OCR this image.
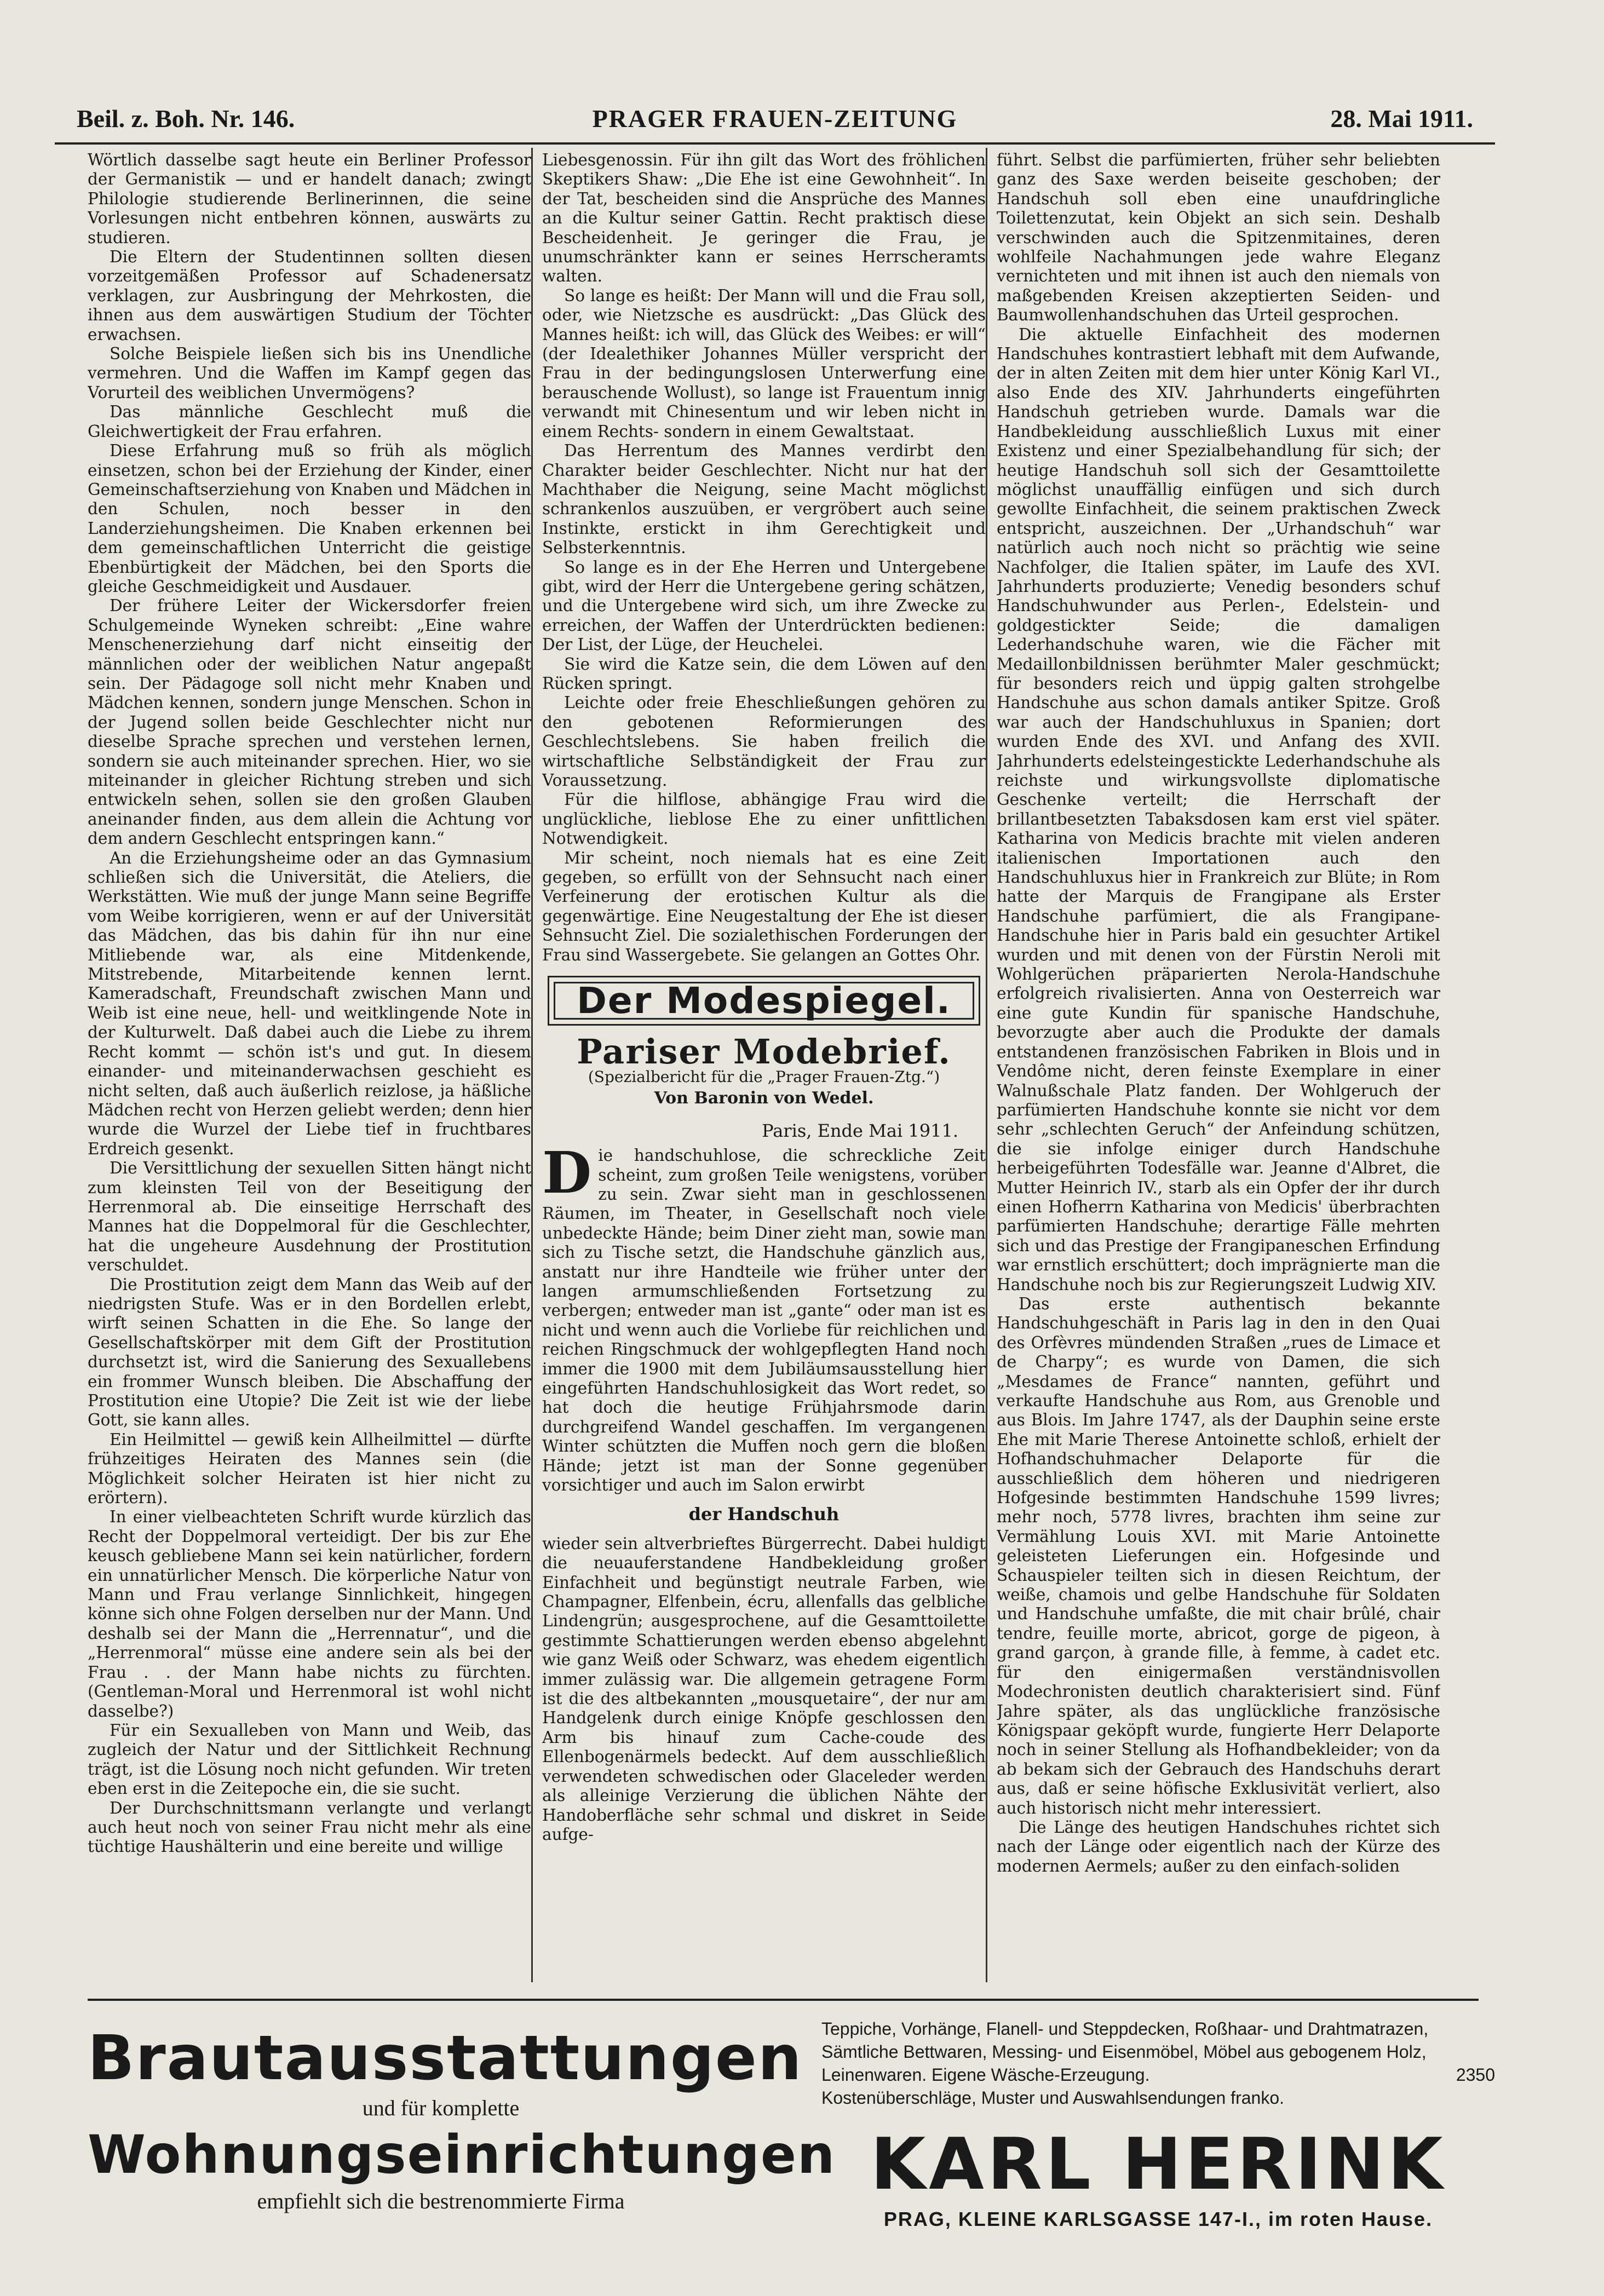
Beil. z. Boh. Nr. 146.	PRAGER FRAUEN-ZEITUNG	28. Mai 1911.

Wörtlich dasselbe sagt heute ein Berliner Professor der Germanistik — und er handelt danach; zwingt Philologie studierende Berlinerinnen, die seine Vorlesungen nicht entbehren können, auswärts zu studieren.

Die Eltern der Studentinnen sollten diesen vorzeitgemäßen Professor auf Schadenersatz verklagen, zur Ausbringung der Mehrkosten, die ihnen aus dem auswärtigen Studium der Töchter erwachsen.

Solche Beispiele ließen sich bis ins Unendliche vermehren. Und die Waffen im Kampf gegen das Vorurteil des weiblichen Unvermögens?

Das männliche Geschlecht muß die Gleichwertigkeit der Frau erfahren.

Diese Erfahrung muß so früh als möglich einsetzen, schon bei der Erziehung der Kinder, einer Gemeinschaftserziehung von Knaben und Mädchen in den Schulen, noch besser in den Landerziehungsheimen. Die Knaben erkennen bei dem gemeinschaftlichen Unterricht die geistige Ebenbürtigkeit der Mädchen, bei den Sports die gleiche Geschmeidigkeit und Ausdauer.

Der frühere Leiter der Wickersdorfer freien Schulgemeinde Wyneken schreibt: „Eine wahre Menschenerziehung darf nicht einseitig der männlichen oder der weiblichen Natur angepaßt sein. Der Pädagoge soll nicht mehr Knaben und Mädchen kennen, sondern junge Menschen. Schon in der Jugend sollen beide Geschlechter nicht nur dieselbe Sprache sprechen und verstehen lernen, sondern sie auch miteinander sprechen. Hier, wo sie miteinander in gleicher Richtung streben und sich entwickeln sehen, sollen sie den großen Glauben aneinander finden, aus dem allein die Achtung vor dem andern Geschlecht entspringen kann.“

An die Erziehungsheime oder an das Gymnasium schließen sich die Universität, die Ateliers, die Werkstätten. Wie muß der junge Mann seine Begriffe vom Weibe korrigieren, wenn er auf der Universität das Mädchen, das bis dahin für ihn nur eine Mitliebende war, als eine Mitdenkende, Mitstrebende, Mitarbeitende kennen lernt. Kameradschaft, Freundschaft zwischen Mann und Weib ist eine neue, hell- und weitklingende Note in der Kulturwelt. Daß dabei auch die Liebe zu ihrem Recht kommt — schön ist's und gut. In diesem einander- und miteinanderwachsen geschieht es nicht selten, daß auch äußerlich reizlose, ja häßliche Mädchen recht von Herzen geliebt werden; denn hier wurde die Wurzel der Liebe tief in fruchtbares Erdreich gesenkt.

Die Versittlichung der sexuellen Sitten hängt nicht zum kleinsten Teil von der Beseitigung der Herrenmoral ab. Die einseitige Herrschaft des Mannes hat die Doppelmoral für die Geschlechter, hat die ungeheure Ausdehnung der Prostitution verschuldet.

Die Prostitution zeigt dem Mann das Weib auf der niedrigsten Stufe. Was er in den Bordellen erlebt, wirft seinen Schatten in die Ehe. So lange der Gesellschaftskörper mit dem Gift der Prostitution durchsetzt ist, wird die Sanierung des Sexuallebens ein frommer Wunsch bleiben. Die Abschaffung der Prostitution eine Utopie? Die Zeit ist wie der liebe Gott, sie kann alles.

Ein Heilmittel — gewiß kein Allheilmittel — dürfte frühzeitiges Heiraten des Mannes sein (die Möglichkeit solcher Heiraten ist hier nicht zu erörtern).

In einer vielbeachteten Schrift wurde kürzlich das Recht der Doppelmoral verteidigt. Der bis zur Ehe keusch gebliebene Mann sei kein natürlicher, fordern ein unnatürlicher Mensch. Die körperliche Natur von Mann und Frau verlange Sinnlichkeit, hingegen könne sich ohne Folgen derselben nur der Mann. Und deshalb sei der Mann die „Herrennatur“, und die „Herrenmoral“ müsse eine andere sein als bei der Frau . . der Mann habe nichts zu fürchten. (Gentleman-Moral und Herrenmoral ist wohl nicht dasselbe?)

Für ein Sexualleben von Mann und Weib, das zugleich der Natur und der Sittlichkeit Rechnung trägt, ist die Lösung noch nicht gefunden. Wir treten eben erst in die Zeitepoche ein, die sie sucht.

Der Durchschnittsmann verlangte und verlangt auch heut noch von seiner Frau nicht mehr als eine tüchtige Haushälterin und eine bereite und willige

Liebesgenossin. Für ihn gilt das Wort des fröhlichen Skeptikers Shaw: „Die Ehe ist eine Gewohnheit“. In der Tat, bescheiden sind die Ansprüche des Mannes an die Kultur seiner Gattin. Recht praktisch diese Bescheidenheit. Je geringer die Frau, je unumschränkter kann er seines Herrscheramts walten.

So lange es heißt: Der Mann will und die Frau soll, oder, wie Nietzsche es ausdrückt: „Das Glück des Mannes heißt: ich will, das Glück des Weibes: er will“ (der Idealethiker Johannes Müller verspricht der Frau in der bedingungslosen Unterwerfung eine berauschende Wollust), so lange ist Frauentum innig verwandt mit Chinesentum und wir leben nicht in einem Rechts- sondern in einem Gewaltstaat.

Das Herrentum des Mannes verdirbt den Charakter beider Geschlechter. Nicht nur hat der Machthaber die Neigung, seine Macht möglichst schrankenlos auszuüben, er vergröbert auch seine Instinkte, erstickt in ihm Gerechtigkeit und Selbsterkenntnis.

So lange es in der Ehe Herren und Untergebene gibt, wird der Herr die Untergebene gering schätzen, und die Untergebene wird sich, um ihre Zwecke zu erreichen, der Waffen der Unterdrückten bedienen: Der List, der Lüge, der Heuchelei.

Sie wird die Katze sein, die dem Löwen auf den Rücken springt.

Leichte oder freie Eheschließungen gehören zu den gebotenen Reformierungen des Geschlechtslebens. Sie haben freilich die wirtschaftliche Selbständigkeit der Frau zur Voraussetzung.

Für die hilflose, abhängige Frau wird die unglückliche, lieblose Ehe zu einer unfittlichen Notwendigkeit.

Mir scheint, noch niemals hat es eine Zeit gegeben, so erfüllt von der Sehnsucht nach einer Verfeinerung der erotischen Kultur als die gegenwärtige. Eine Neugestaltung der Ehe ist dieser Sehnsucht Ziel. Die sozialethischen Forderungen der Frau sind Wassergebete. Sie gelangen an Gottes Ohr.

Der Modespiegel.
Pariser Modebrief.
(Spezialbericht für die „Prager Frauen-Ztg.“)
Von Baronin von Wedel.
Paris, Ende Mai 1911.

Die handschuhlose, die schreckliche Zeit scheint, zum großen Teile wenigstens, vorüber zu sein. Zwar sieht man in geschlossenen Räumen, im Theater, in Gesellschaft noch viele unbedeckte Hände; beim Diner zieht man, sowie man sich zu Tische setzt, die Handschuhe gänzlich aus, anstatt nur ihre Handteile wie früher unter der langen armumschließenden Fortsetzung zu verbergen; entweder man ist „gante“ oder man ist es nicht und wenn auch die Vorliebe für reichlichen und reichen Ringschmuck der wohlgepflegten Hand noch immer die 1900 mit dem Jubiläumsausstellung hier eingeführten Handschuhlosigkeit das Wort redet, so hat doch die heutige Frühjahrsmode darin durchgreifend Wandel geschaffen. Im vergangenen Winter schützten die Muffen noch gern die bloßen Hände; jetzt ist man der Sonne gegenüber vorsichtiger und auch im Salon erwirbt

der Handschuh

wieder sein altverbrieftes Bürgerrecht. Dabei huldigt die neuauferstandene Handbekleidung großer Einfachheit und begünstigt neutrale Farben, wie Champagner, Elfenbein, écru, allenfalls das gelbliche Lindengrün; ausgesprochene, auf die Gesamttoilette gestimmte Schattierungen werden ebenso abgelehnt wie ganz Weiß oder Schwarz, was ehedem eigentlich immer zulässig war. Die allgemein getragene Form ist die des altbekannten „mousquetaire“, der nur am Handgelenk durch einige Knöpfe geschlossen den Arm bis hinauf zum Cache-coude des Ellenbogenärmels bedeckt. Auf dem ausschließlich verwendeten schwedischen oder Glaceleder werden als alleinige Verzierung die üblichen Nähte der Handoberfläche sehr schmal und diskret in Seide aufge-

führt. Selbst die parfümierten, früher sehr beliebten ganz des Saxe werden beiseite geschoben; der Handschuh soll eben eine unaufdringliche Toilettenzutat, kein Objekt an sich sein. Deshalb verschwinden auch die Spitzenmitaines, deren wohlfeile Nachahmungen jede wahre Eleganz vernichteten und mit ihnen ist auch den niemals von maßgebenden Kreisen akzeptierten Seiden- und Baumwollenhandschuhen das Urteil gesprochen.

Die aktuelle Einfachheit des modernen Handschuhes kontrastiert lebhaft mit dem Aufwande, der in alten Zeiten mit dem hier unter König Karl VI., also Ende des XIV. Jahrhunderts eingeführten Handschuh getrieben wurde. Damals war die Handbekleidung ausschließlich Luxus mit einer Existenz und einer Spezialbehandlung für sich; der heutige Handschuh soll sich der Gesamttoilette möglichst unauffällig einfügen und sich durch gewollte Einfachheit, die seinem praktischen Zweck entspricht, auszeichnen. Der „Urhandschuh“ war natürlich auch noch nicht so prächtig wie seine Nachfolger, die Italien später, im Laufe des XVI. Jahrhunderts produzierte; Venedig besonders schuf Handschuhwunder aus Perlen-, Edelstein- und goldgestickter Seide; die damaligen Lederhandschuhe waren, wie die Fächer mit Medaillonbildnissen berühmter Maler geschmückt; für besonders reich und üppig galten strohgelbe Handschuhe aus schon damals antiker Spitze. Groß war auch der Handschuhluxus in Spanien; dort wurden Ende des XVI. und Anfang des XVII. Jahrhunderts edelsteingestickte Lederhandschuhe als reichste und wirkungsvollste diplomatische Geschenke verteilt; die Herrschaft der brillantbesetzten Tabaksdosen kam erst viel später. Katharina von Medicis brachte mit vielen anderen italienischen Importationen auch den Handschuhluxus hier in Frankreich zur Blüte; in Rom hatte der Marquis de Frangipane als Erster Handschuhe parfümiert, die als Frangipane-Handschuhe hier in Paris bald ein gesuchter Artikel wurden und mit denen von der Fürstin Neroli mit Wohlgerüchen präparierten Nerola-Handschuhe erfolgreich rivalisierten. Anna von Oesterreich war eine gute Kundin für spanische Handschuhe, bevorzugte aber auch die Produkte der damals entstandenen französischen Fabriken in Blois und in Vendôme nicht, deren feinste Exemplare in einer Walnußschale Platz fanden. Der Wohlgeruch der parfümierten Handschuhe konnte sie nicht vor dem sehr „schlechten Geruch“ der Anfeindung schützen, die sie infolge einiger durch Handschuhe herbeigeführten Todesfälle war. Jeanne d'Albret, die Mutter Heinrich IV., starb als ein Opfer der ihr durch einen Hofherrn Katharina von Medicis' überbrachten parfümierten Handschuhe; derartige Fälle mehrten sich und das Prestige der Frangipaneschen Erfindung war ernstlich erschüttert; doch imprägnierte man die Handschuhe noch bis zur Regierungszeit Ludwig XIV.

Das erste authentisch bekannte Handschuhgeschäft in Paris lag in den in den Quai des Orfèvres mündenden Straßen „rues de Limace et de Charpy“; es wurde von Damen, die sich „Mesdames de France“ nannten, geführt und verkaufte Handschuhe aus Rom, aus Grenoble und aus Blois. Im Jahre 1747, als der Dauphin seine erste Ehe mit Marie Therese Antoinette schloß, erhielt der Hofhandschuhmacher Delaporte für die ausschließlich dem höheren und niedrigeren Hofgesinde bestimmten Handschuhe 1599 livres; mehr noch, 5778 livres, brachten ihm seine zur Vermählung Louis XVI. mit Marie Antoinette geleisteten Lieferungen ein. Hofgesinde und Schauspieler teilten sich in diesen Reichtum, der weiße, chamois und gelbe Handschuhe für Soldaten und Handschuhe umfaßte, die mit chair brûlé, chair tendre, feuille morte, abricot, gorge de pigeon, à grand garçon, à grande fille, à femme, à cadet etc. für den einigermaßen verständnisvollen Modechronisten deutlich charakterisiert sind. Fünf Jahre später, als das unglückliche französische Königspaar geköpft wurde, fungierte Herr Delaporte noch in seiner Stellung als Hofhandbekleider; von da ab bekam sich der Gebrauch des Handschuhs derart aus, daß er seine höfische Exklusivität verliert, also auch historisch nicht mehr interessiert.

Die Länge des heutigen Handschuhes richtet sich nach der Länge oder eigentlich nach der Kürze des modernen Aermels; außer zu den einfach-soliden

Brautausstattungen
und für komplette
Wohnungseinrichtungen
empfiehlt sich die bestrenommierte Firma
Teppiche, Vorhänge, Flanell- und Steppdecken, Roßhaar- und Drahtmatrazen,
Sämtliche Bettwaren, Messing- und Eisenmöbel, Möbel aus gebogenem Holz,
Leinenwaren. Eigene Wäsche-Erzeugung.	2350
Kostenüberschläge, Muster und Auswahlsendungen franko.
KARL HERINK
PRAG, KLEINE KARLSGASSE 147-I., im roten Hause.
